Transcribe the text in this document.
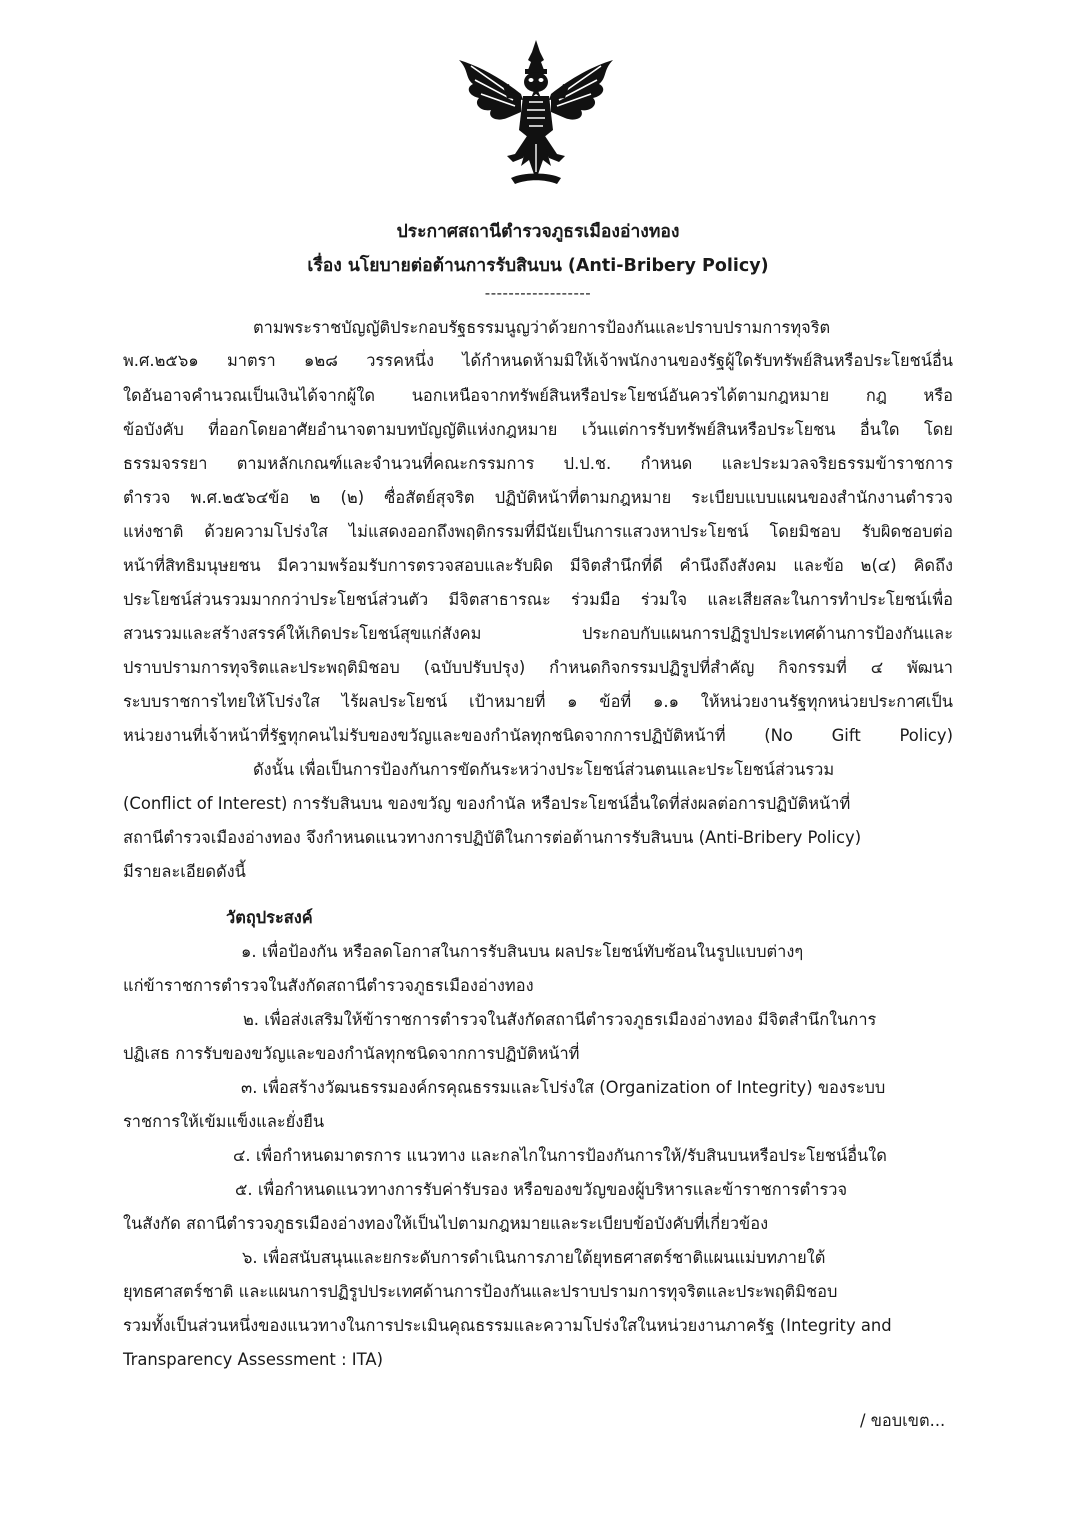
ประกาศสถานีตำรวจภูธรเมืองอ่างทอง
เรื่อง นโยบายต่อต้านการรับสินบน (Anti-Bribery Policy)
------------------
ตามพระราชบัญญัติประกอบรัฐธรรมนูญว่าด้วยการป้องกันและปราบปรามการทุจริต
พ.ศ.๒๕๖๑ มาตรา ๑๒๘ วรรคหนึ่ง ได้กำหนดห้ามมิให้เจ้าพนักงานของรัฐผู้ใดรับทรัพย์สินหรือประโยชน์อื่น
ใดอันอาจคำนวณเป็นเงินได้จากผู้ใด นอกเหนือจากทรัพย์สินหรือประโยชน์อันควรได้ตามกฎหมาย กฎ หรือ
ข้อบังคับ ที่ออกโดยอาศัยอำนาจตามบทบัญญัติแห่งกฎหมาย เว้นแต่การรับทรัพย์สินหรือประโยชน อื่นใด โดย
ธรรมจรรยา ตามหลักเกณฑ์และจำนวนที่คณะกรรมการ ป.ป.ช. กำหนด และประมวลจริยธรรมข้าราชการ
ตำรวจ พ.ศ.๒๕๖๔ข้อ ๒ (๒) ซื่อสัตย์สุจริต ปฏิบัติหน้าที่ตามกฎหมาย ระเบียบแบบแผนของสำนักงานตำรวจ
แห่งชาติ ด้วยความโปร่งใส ไม่แสดงออกถึงพฤติกรรมที่มีนัยเป็นการแสวงหาประโยชน์ โดยมิชอบ รับผิดชอบต่อ
หน้าที่สิทธิมนุษยชน มีความพร้อมรับการตรวจสอบและรับผิด มีจิตสำนึกที่ดี คำนึงถึงสังคม และข้อ ๒(๔) คิดถึง
ประโยชน์ส่วนรวมมากกว่าประโยชน์ส่วนตัว มีจิตสาธารณะ ร่วมมือ ร่วมใจ และเสียสละในการทำประโยชน์เพื่อ
สวนรวมและสร้างสรรค์ให้เกิดประโยชน์สุขแก่สังคม ประกอบกับแผนการปฏิรูปประเทศด้านการป้องกันและ
ปราบปรามการทุจริตและประพฤติมิชอบ (ฉบับปรับปรุง) กำหนดกิจกรรมปฏิรูปที่สำคัญ กิจกรรมที่ ๔ พัฒนา
ระบบราชการไทยให้โปร่งใส ไร้ผลประโยชน์ เป้าหมายที่ ๑ ข้อที่ ๑.๑ ให้หน่วยงานรัฐทุกหน่วยประกาศเป็น
หน่วยงานที่เจ้าหน้าที่รัฐทุกคนไม่รับของขวัญและของกำนัลทุกชนิดจากการปฏิบัติหน้าที่ (No Gift Policy)
ดังนั้น เพื่อเป็นการป้องกันการขัดกันระหว่างประโยชน์ส่วนตนและประโยชน์ส่วนรวม
(Conflict of Interest) การรับสินบน ของขวัญ ของกำนัล หรือประโยชน์อื่นใดที่ส่งผลต่อการปฏิบัติหน้าที่
สถานีตำรวจเมืองอ่างทอง จึงกำหนดแนวทางการปฏิบัติในการต่อต้านการรับสินบน (Anti-Bribery Policy)
มีรายละเอียดดังนี้
วัตถุประสงค์
๑. เพื่อป้องกัน หรือลดโอกาสในการรับสินบน ผลประโยชน์ทับซ้อนในรูปแบบต่างๆ
แก่ข้าราชการตำรวจในสังกัดสถานีตำรวจภูธรเมืองอ่างทอง
๒. เพื่อส่งเสริมให้ข้าราชการตำรวจในสังกัดสถานีตำรวจภูธรเมืองอ่างทอง มีจิตสำนึกในการ
ปฏิเสธ การรับของขวัญและของกำนัลทุกชนิดจากการปฏิบัติหน้าที่
๓. เพื่อสร้างวัฒนธรรมองค์กรคุณธรรมและโปร่งใส (Organization of Integrity) ของระบบ
ราชการให้เข้มแข็งและยั่งยืน
๔. เพื่อกำหนดมาตรการ แนวทาง และกลไกในการป้องกันการให้/รับสินบนหรือประโยชน์อื่นใด
๕. เพื่อกำหนดแนวทางการรับค่ารับรอง หรือของขวัญของผู้บริหารและข้าราชการตำรวจ
ในสังกัด สถานีตำรวจภูธรเมืองอ่างทองให้เป็นไปตามกฎหมายและระเบียบข้อบังคับที่เกี่ยวข้อง
๖. เพื่อสนับสนุนและยกระดับการดำเนินการภายใต้ยุทธศาสตร์ชาติแผนแม่บทภายใต้
ยุทธศาสตร์ชาติ และแผนการปฏิรูปประเทศด้านการป้องกันและปราบปรามการทุจริตและประพฤติมิชอบ
รวมทั้งเป็นส่วนหนึ่งของแนวทางในการประเมินคุณธรรมและความโปร่งใสในหน่วยงานภาครัฐ (Integrity and
Transparency Assessment : ITA)
/ ขอบเขต...
